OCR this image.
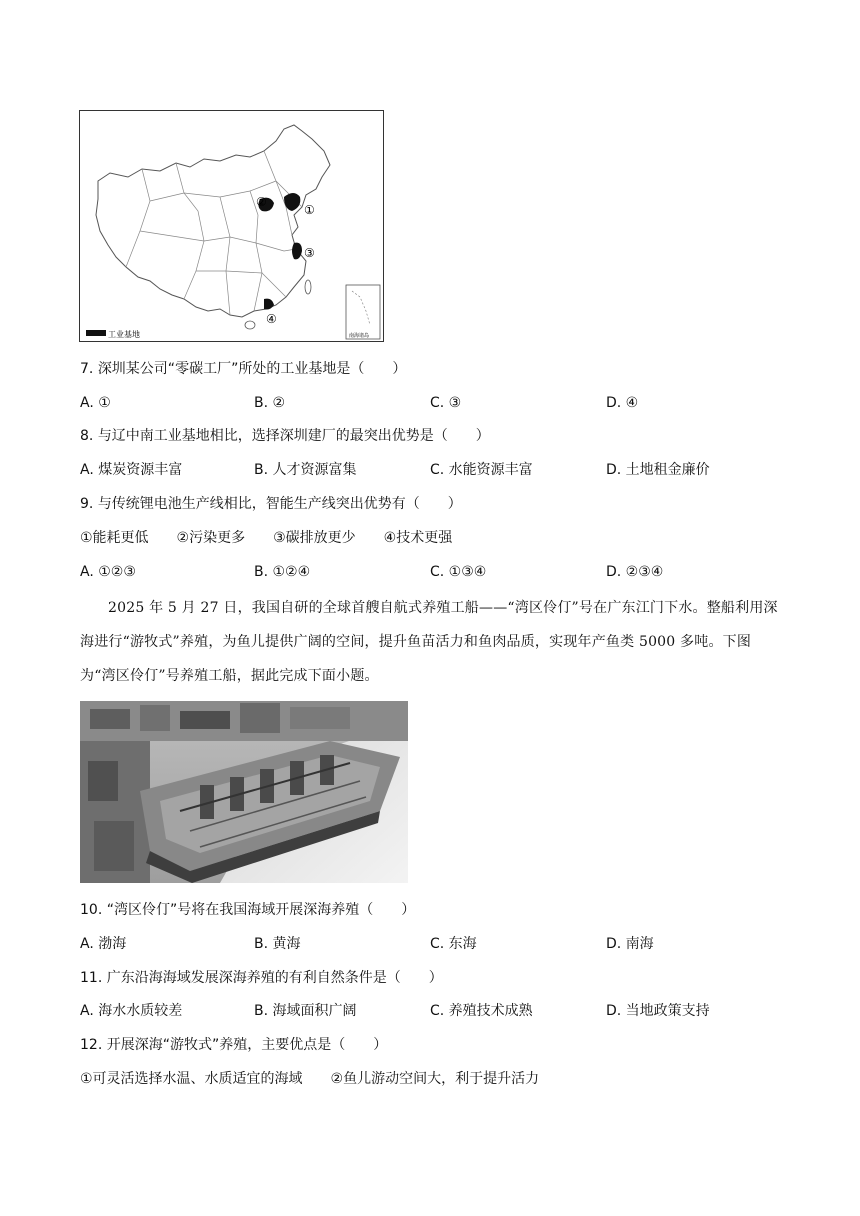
①
②
③
④
南海诸岛
工业基地
7. 深圳某公司“零碳工厂”所处的工业基地是（　　）
A. ①	B. ②	C. ③	D. ④
8. 与辽中南工业基地相比，选择深圳建厂的最突出优势是（　　）
A. 煤炭资源丰富	B. 人才资源富集	C. 水能资源丰富	D. 土地租金廉价
9. 与传统锂电池生产线相比，智能生产线突出优势有（　　）
①能耗更低　　②污染更多　　③碳排放更少　　④技术更强
A. ①②③	B. ①②④	C. ①③④	D. ②③④
2025 年 5 月 27 日，我国自研的全球首艘自航式养殖工船——“湾区伶仃”号在广东江门下水。整船利用深海进行“游牧式”养殖，为鱼儿提供广阔的空间，提升鱼苗活力和鱼肉品质，实现年产鱼类 5000 多吨。下图为“湾区伶仃”号养殖工船，据此完成下面小题。
10. “湾区伶仃”号将在我国海域开展深海养殖（　　）
A. 渤海	B. 黄海	C. 东海	D. 南海
11. 广东沿海海域发展深海养殖的有利自然条件是（　　）
A. 海水水质较差	B. 海域面积广阔	C. 养殖技术成熟	D. 当地政策支持
12. 开展深海“游牧式”养殖，主要优点是（　　）
①可灵活选择水温、水质适宜的海域　　②鱼儿游动空间大，利于提升活力
